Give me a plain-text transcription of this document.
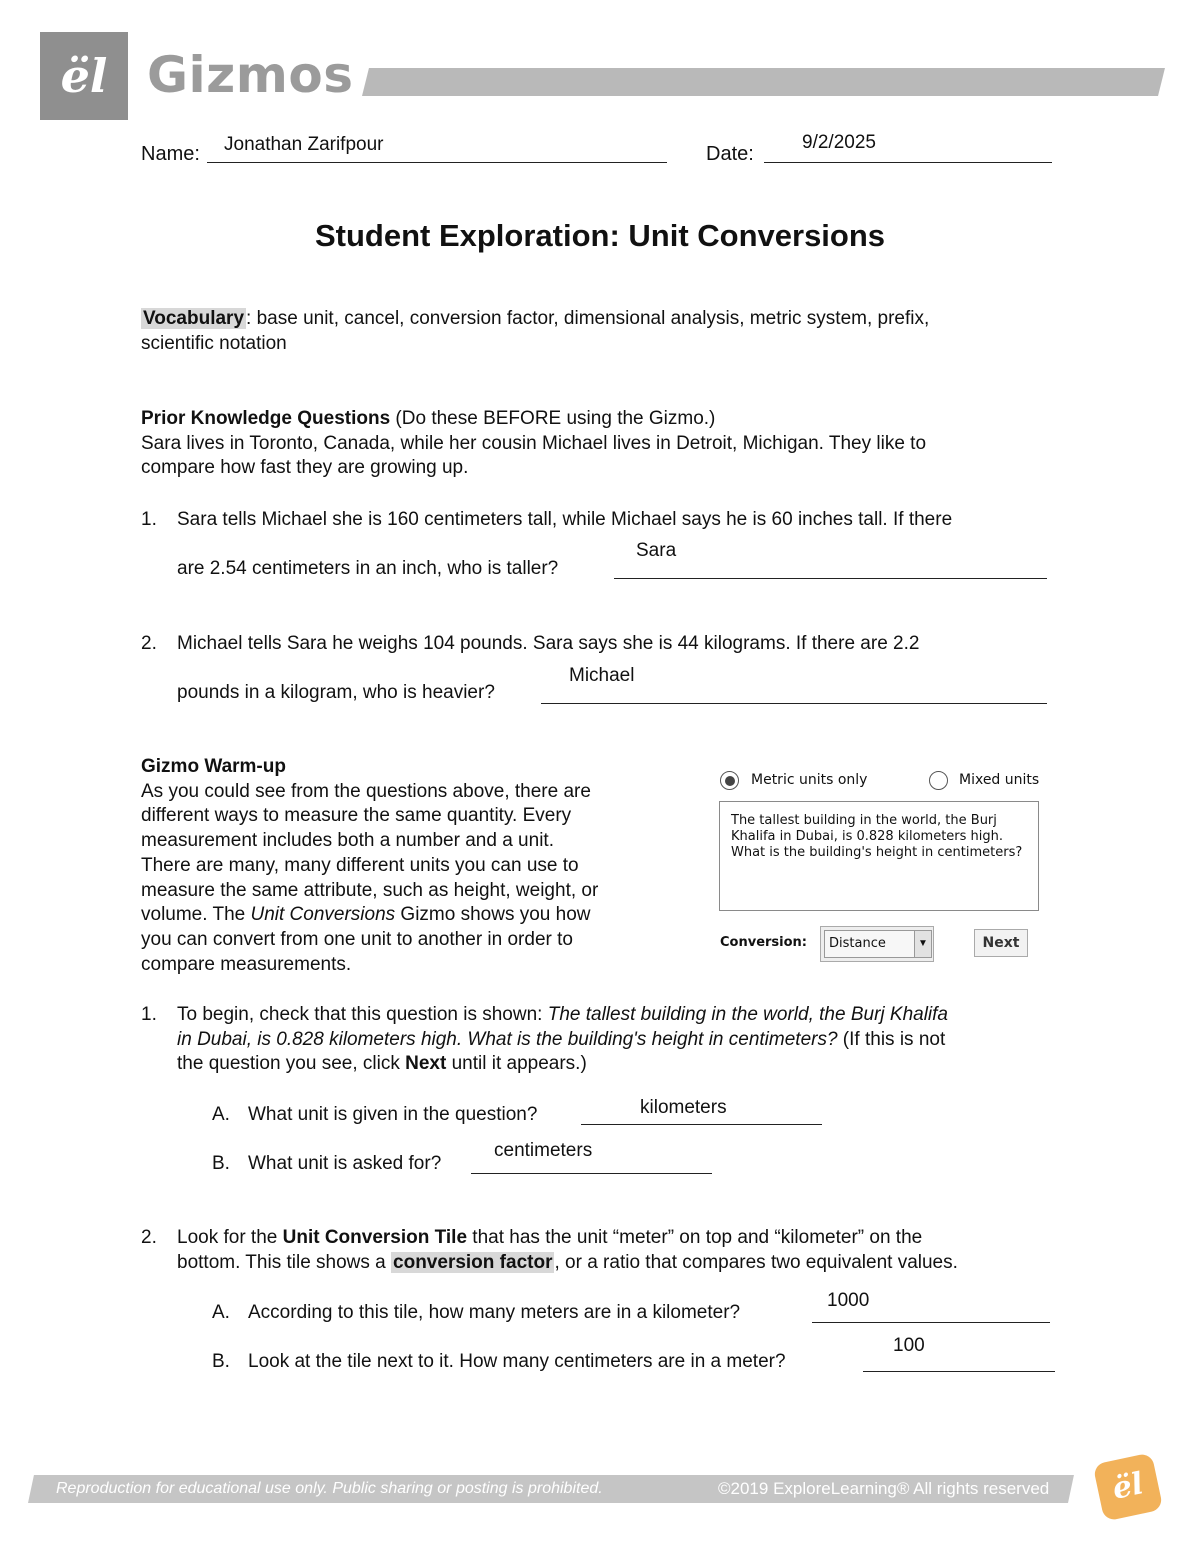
ël Gizmos
Name: Jonathan Zarifpour	Date:
9/2/2025
Student Exploration: Unit Conversions
Vocabulary : base unit, cancel, conversion factor, dimensional analysis, metric system, prefix,
scientific notation
Prior Knowledge Questions (Do these BEFORE using the Gizmo.)
Sara lives in Toronto, Canada, while her cousin Michael lives in Detroit, Michigan. They like to
compare how fast they are growing up.
1. Sara tells Michael she is 160 centimeters tall, while Michael says he is 60 inches tall. If there
are 2.54 centimeters in an inch, who is taller?
Sara
2. Michael tells Sara he weighs 104 pounds. Sara says she is 44 kilograms. If there are 2.2
pounds in a kilogram, who is heavier?
Michael
Gizmo Warm-up
As you could see from the questions above, there are
different ways to measure the same quantity. Every
measurement includes both a number and a unit.
There are many, many different units you can use to
measure the same attribute, such as height, weight, or
volume. The Unit Conversions Gizmo shows you how
you can convert from one unit to another in order to
compare measurements.
Metric units only	Mixed units
The tallest building in the world, the Burj Khalifa in Dubai, is 0.828 kilometers high. What is the building's height in centimeters?
Conversion: Distance	▼	Next
1. To begin, check that this question is shown: The tallest building in the world, the Burj Khalifa
in Dubai, is 0.828 kilometers high. What is the building's height in centimeters? (If this is not
the question you see, click Next until it appears.)
A. What unit is given in the question?	kilometers
B. What unit is asked for?
centimeters
2. Look for the Unit Conversion Tile that has the unit “meter” on top and “kilometer” on the
bottom. This tile shows a conversion factor , or a ratio that compares two equivalent values.
A. According to this tile, how many meters are in a kilometer?
1000
B. Look at the tile next to it. How many centimeters are in a meter?
100
Reproduction for educational use only. Public sharing or posting is prohibited.	©2019 ExploreLearning® All rights reserved	ël
